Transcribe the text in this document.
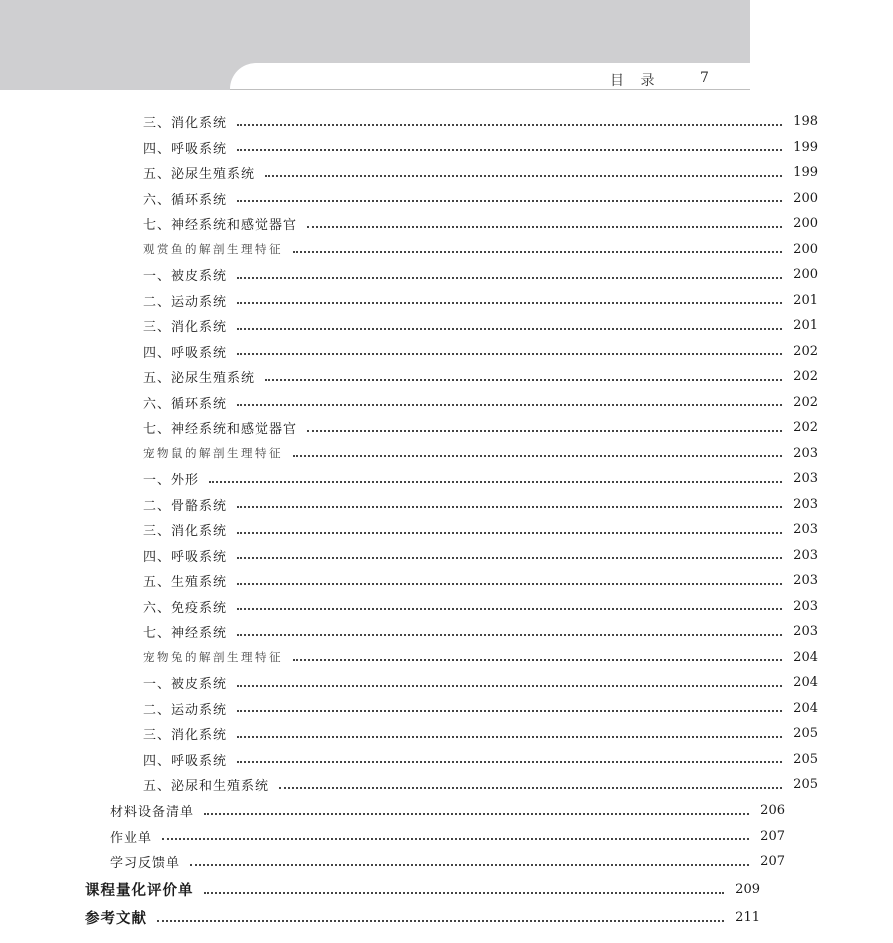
目 录	7
三、消化系统	198
四、呼吸系统	199
五、泌尿生殖系统	199
六、循环系统	200
七、神经系统和感觉器官	200
观赏鱼的解剖生理特征	200
一、被皮系统	200
二、运动系统	201
三、消化系统	201
四、呼吸系统	202
五、泌尿生殖系统	202
六、循环系统	202
七、神经系统和感觉器官	202
宠物鼠的解剖生理特征	203
一、外形	203
二、骨骼系统	203
三、消化系统	203
四、呼吸系统	203
五、生殖系统	203
六、免疫系统	203
七、神经系统	203
宠物兔的解剖生理特征	204
一、被皮系统	204
二、运动系统	204
三、消化系统	205
四、呼吸系统	205
五、泌尿和生殖系统	205
材料设备清单	206
作业单	207
学习反馈单	207
课程量化评价单	209
参考文献	211
